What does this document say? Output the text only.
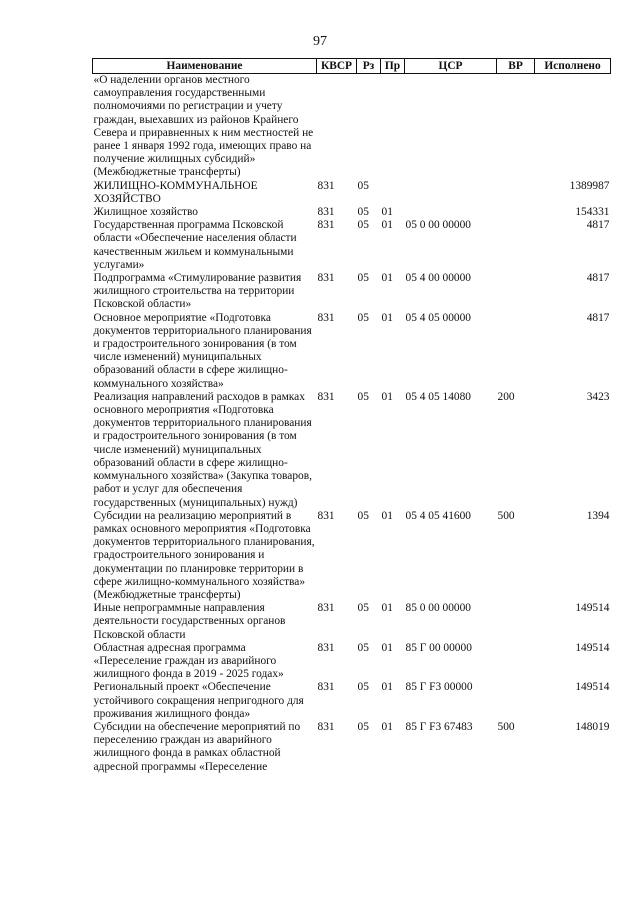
97
Наименование	КВСР	Рз	Пр	ЦСР	ВР	Исполнено
«О наделении органов местного самоуправления государственными полномочиями по регистрации и учету граждан, выехавших из районов Крайнего Севера и приравненных к ним местностей не ранее 1 января 1992 года, имеющих право на получение жилищных субсидий» (Межбюджетные трансферты)						
ЖИЛИЩНО-КОММУНАЛЬНОЕ ХОЗЯЙСТВО	831	05				1389987
Жилищное хозяйство	831	05	01			154331
Государственная программа Псковской области «Обеспечение населения области качественным жильем и коммунальными услугами»	831	05	01	05 0 00 00000		4817
Подпрограмма «Стимулирование развития жилищного строительства на территории Псковской области»	831	05	01	05 4 00 00000		4817
Основное мероприятие «Подготовка документов территориального планирования и градостроительного зонирования (в том числе изменений) муниципальных образований области в сфере жилищно-коммунального хозяйства»	831	05	01	05 4 05 00000		4817
Реализация направлений расходов в рамках основного мероприятия «Подготовка документов территориального планирования и градостроительного зонирования (в том числе изменений) муниципальных образований области в сфере жилищно-коммунального хозяйства» (Закупка товаров, работ и услуг для обеспечения государственных (муниципальных) нужд)	831	05	01	05 4 05 14080	200	3423
Субсидии на реализацию мероприятий в рамках основного мероприятия «Подготовка документов территориального планирования, градостроительного зонирования и документации по планировке территории в сфере жилищно-коммунального хозяйства» (Межбюджетные трансферты)	831	05	01	05 4 05 41600	500	1394
Иные непрограммные направления деятельности государственных органов Псковской области	831	05	01	85 0 00 00000		149514
Областная адресная программа «Переселение граждан из аварийного жилищного фонда в 2019 - 2025 годах»	831	05	01	85 Г 00 00000		149514
Региональный проект «Обеспечение устойчивого сокращения непригодного для проживания жилищного фонда»	831	05	01	85 Г F3 00000		149514
Субсидии на обеспечение мероприятий по переселению граждан из аварийного жилищного фонда в рамках областной адресной программы «Переселение	831	05	01	85 Г F3 67483	500	148019
